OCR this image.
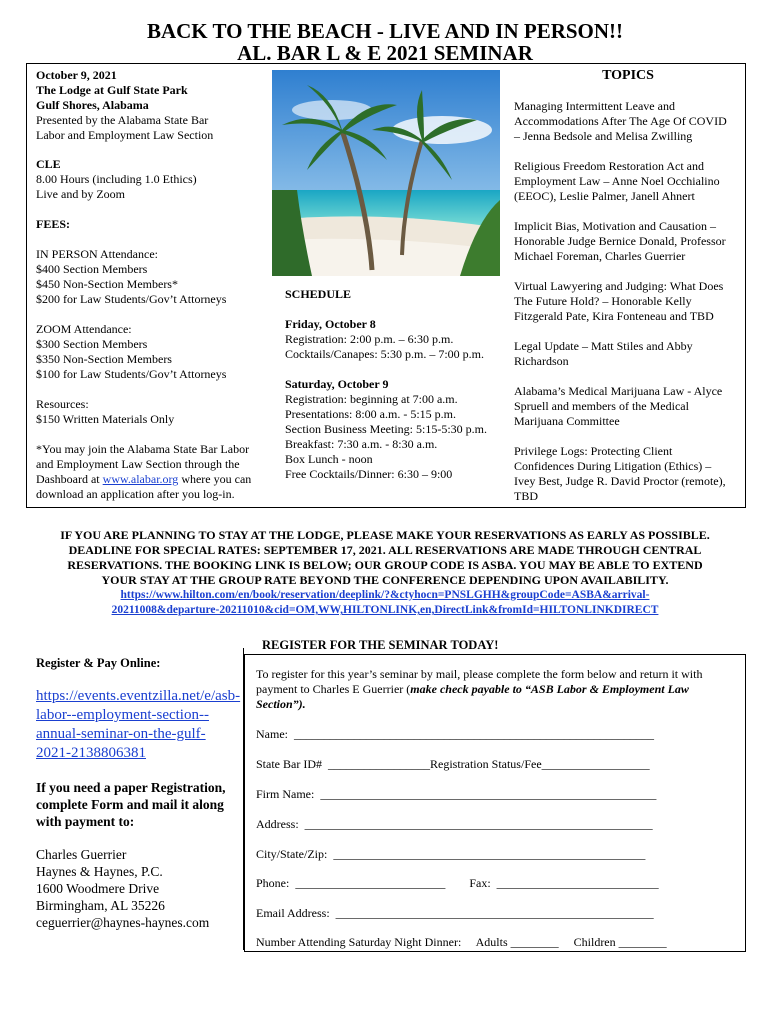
BACK TO THE BEACH - LIVE AND IN PERSON!!
AL. BAR L & E 2021 SEMINAR
October 9, 2021
The Lodge at Gulf State Park
Gulf Shores, Alabama
Presented by the Alabama State Bar
Labor and Employment Law Section
CLE
8.00 Hours (including 1.0 Ethics)
Live and by Zoom
FEES:
IN PERSON Attendance:
$400 Section Members
$450 Non-Section Members*
$200 for Law Students/Gov’t Attorneys
ZOOM Attendance:
$300 Section Members
$350 Non-Section Members
$100 for Law Students/Gov’t Attorneys
Resources:
$150 Written Materials Only
*You may join the Alabama State Bar Labor
and Employment Law Section through the
Dashboard at www.alabar.org where you can
download an application after you log-in.
SCHEDULE
Friday, October 8
Registration: 2:00 p.m. – 6:30 p.m.
Cocktails/Canapes: 5:30 p.m. – 7:00 p.m.
Saturday, October 9
Registration: beginning at 7:00 a.m.
Presentations: 8:00 a.m. - 5:15 p.m.
Section Business Meeting: 5:15-5:30 p.m.
Breakfast: 7:30 a.m. - 8:30 a.m.
Box Lunch - noon
Free Cocktails/Dinner: 6:30 – 9:00
TOPICS
Managing Intermittent Leave and
Accommodations After The Age Of COVID
– Jenna Bedsole and Melisa Zwilling
Religious Freedom Restoration Act and
Employment Law – Anne Noel Occhialino
(EEOC), Leslie Palmer, Janell Ahnert
Implicit Bias, Motivation and Causation –
Honorable Judge Bernice Donald, Professor
Michael Foreman, Charles Guerrier
Virtual Lawyering and Judging: What Does
The Future Hold? – Honorable Kelly
Fitzgerald Pate, Kira Fonteneau and TBD
Legal Update – Matt Stiles and Abby
Richardson
Alabama’s Medical Marijuana Law - Alyce
Spruell and members of the Medical
Marijuana Committee
Privilege Logs: Protecting Client
Confidences During Litigation (Ethics) –
Ivey Best, Judge R. David Proctor (remote),
TBD
IF YOU ARE PLANNING TO STAY AT THE LODGE, PLEASE MAKE YOUR RESERVATIONS AS EARLY AS POSSIBLE.
DEADLINE FOR SPECIAL RATES: SEPTEMBER 17, 2021. ALL RESERVATIONS ARE MADE THROUGH CENTRAL
RESERVATIONS. THE BOOKING LINK IS BELOW; OUR GROUP CODE IS ASBA. YOU MAY BE ABLE TO EXTEND
YOUR STAY AT THE GROUP RATE BEYOND THE CONFERENCE DEPENDING UPON AVAILABILITY.
https://www.hilton.com/en/book/reservation/deeplink/?&ctyhocn=PNSLGHH&groupCode=ASBA&arrival-
20211008&departure-20211010&cid=OM,WW,HILTONLINK,en,DirectLink&fromId=HILTONLINKDIRECT
REGISTER FOR THE SEMINAR TODAY!
Register & Pay Online:
https://events.eventzilla.net/e/asb-
labor--employment-section--
annual-seminar-on-the-gulf-
2021-2138806381
If you need a paper Registration,
complete Form and mail it along
with payment to:
Charles Guerrier
Haynes & Haynes, P.C.
1600 Woodmere Drive
Birmingham, AL 35226
ceguerrier@haynes-haynes.com
To register for this year’s seminar by mail, please complete the form below and return it with
payment to Charles E Guerrier (make check payable to “ASB Labor & Employment Law
Section”).
Name:  ____________________________________________________________
State Bar ID#  _________________Registration Status/Fee__________________
Firm Name:  ________________________________________________________
Address:  __________________________________________________________
City/State/Zip:  ____________________________________________________
Phone:  _________________________        Fax:  ___________________________
Email Address:  _____________________________________________________
Number Attending Saturday Night Dinner:     Adults ________     Children ________
